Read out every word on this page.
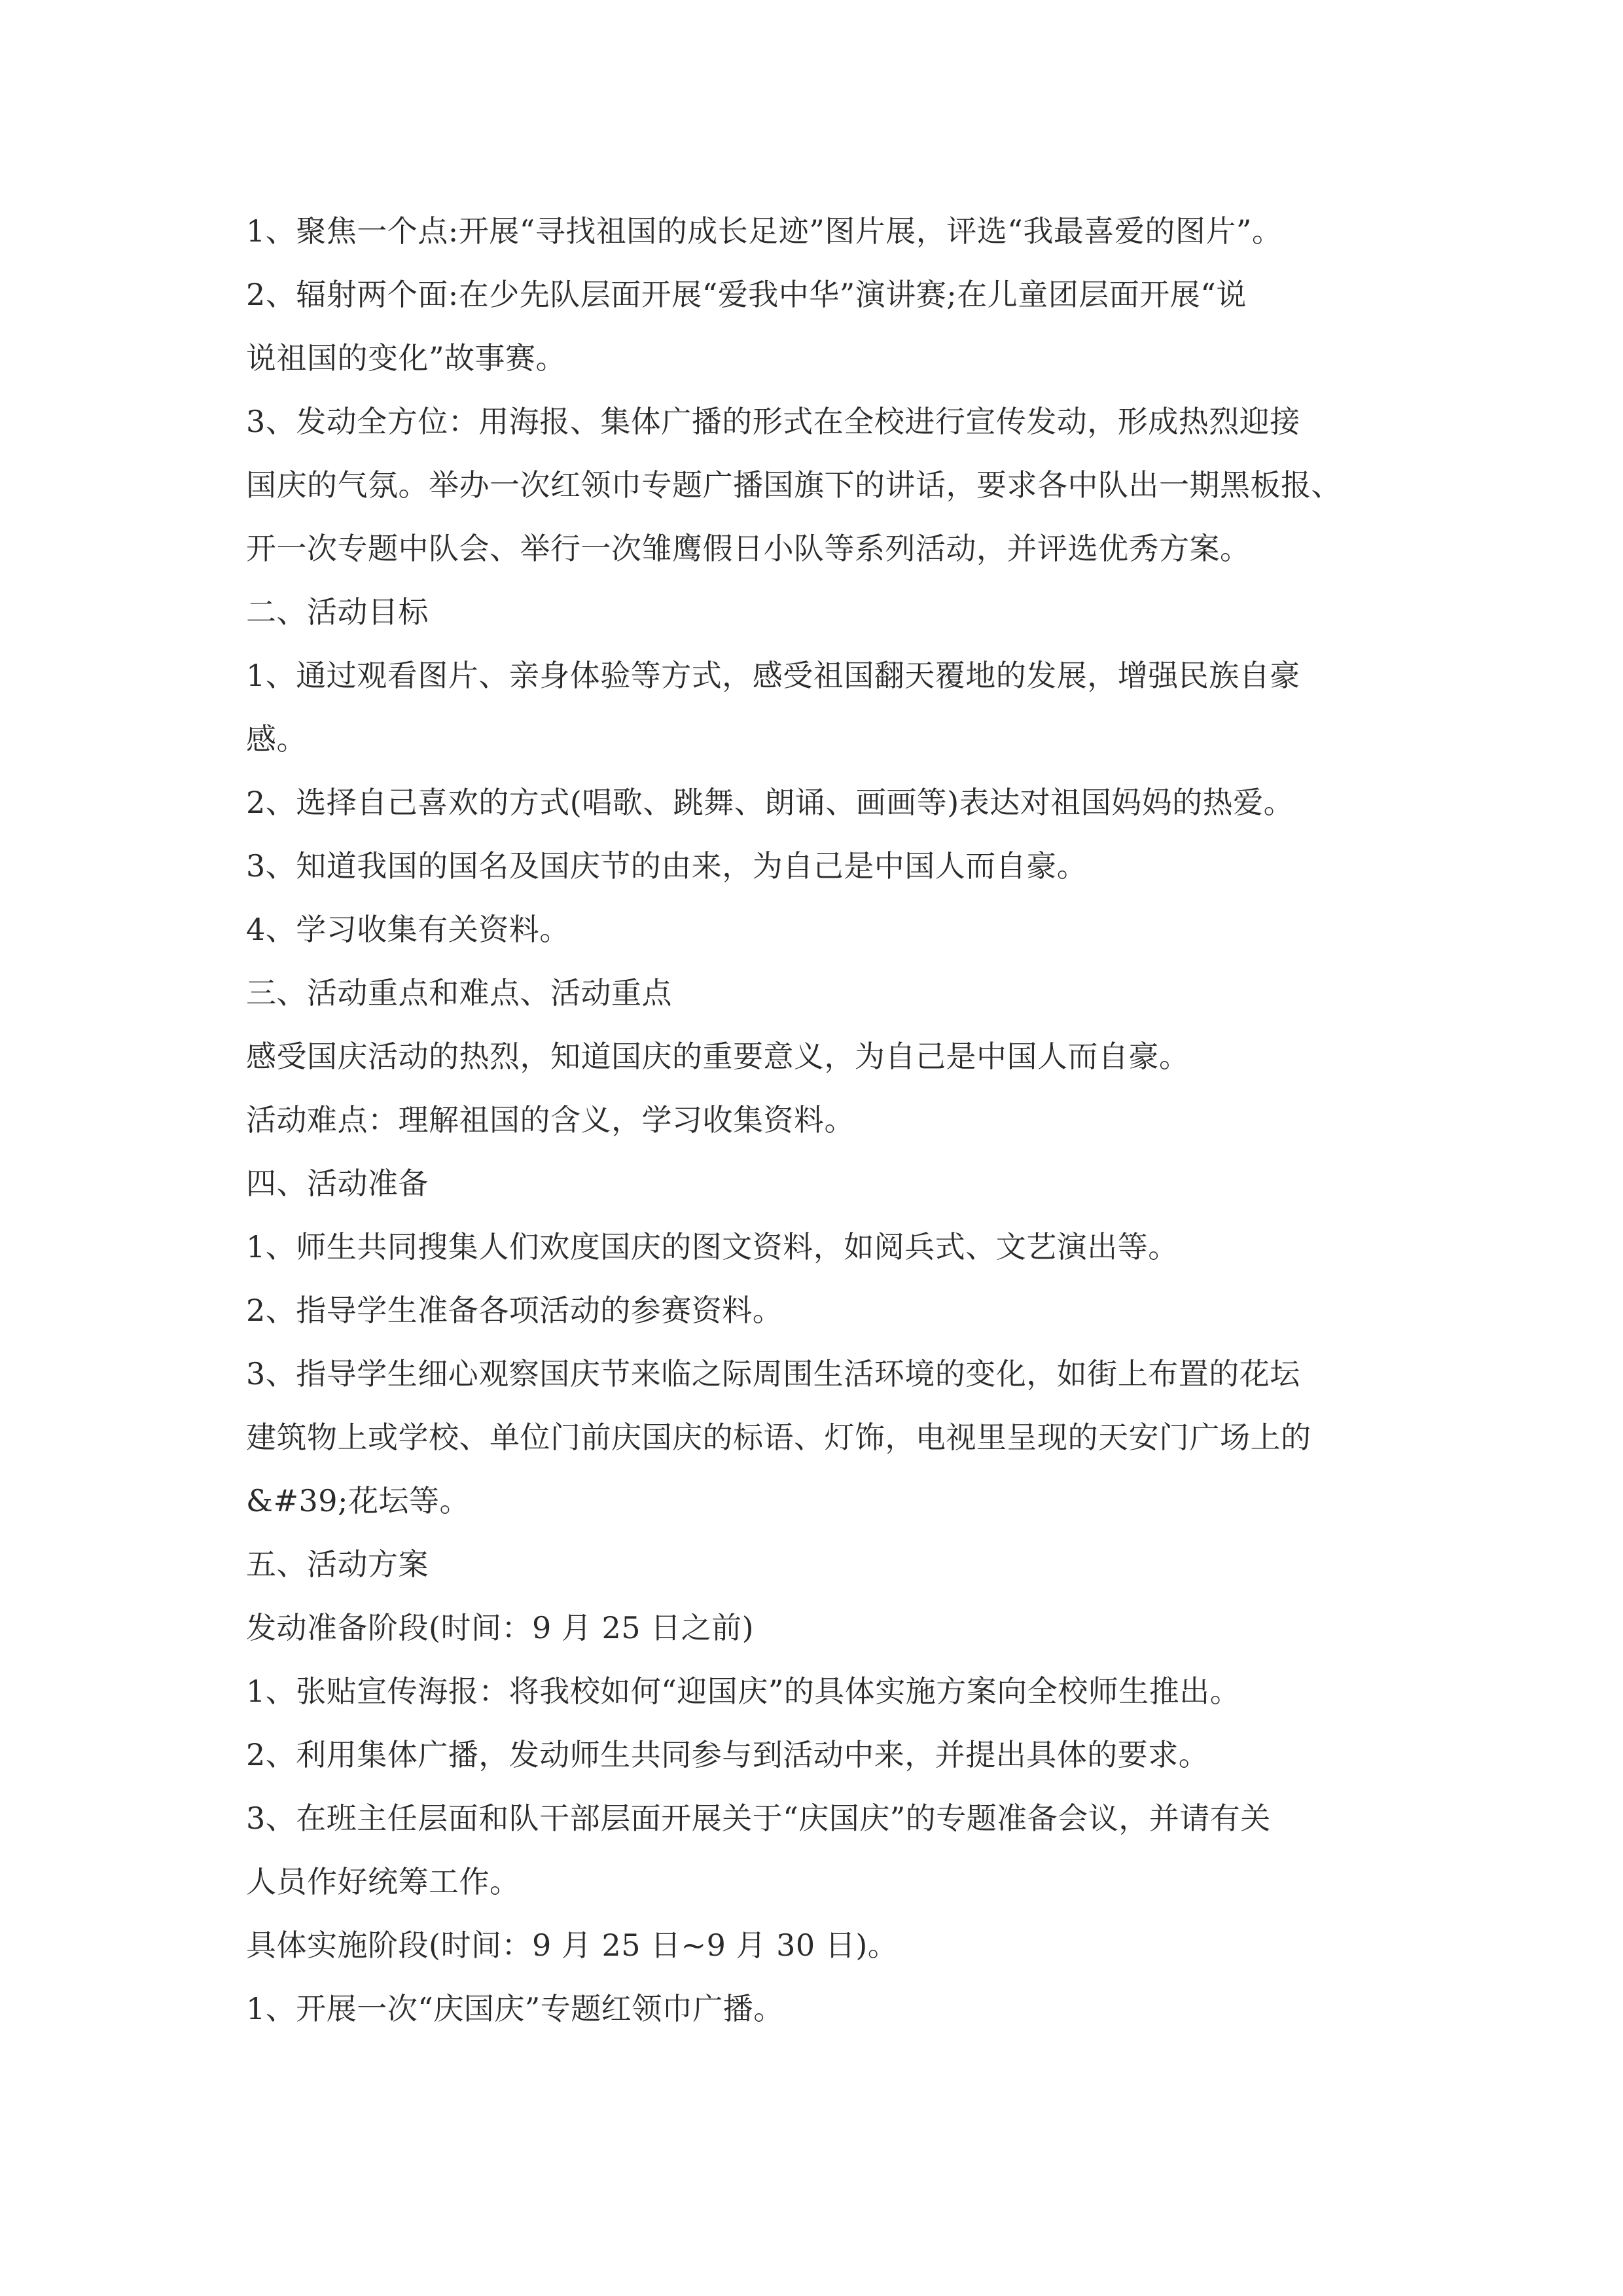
1、聚焦一个点:开展“寻找祖国的成长足迹”图片展，评选“我最喜爱的图片”。

2、辐射两个面:在少先队层面开展“爱我中华”演讲赛;在儿童团层面开展“说

说祖国的变化”故事赛。

3、发动全方位：用海报、集体广播的形式在全校进行宣传发动，形成热烈迎接

国庆的气氛。举办一次红领巾专题广播国旗下的讲话，要求各中队出一期黑板报、

开一次专题中队会、举行一次雏鹰假日小队等系列活动，并评选优秀方案。

二、活动目标

1、通过观看图片、亲身体验等方式，感受祖国翻天覆地的发展，增强民族自豪

感。

2、选择自己喜欢的方式(唱歌、跳舞、朗诵、画画等)表达对祖国妈妈的热爱。

3、知道我国的国名及国庆节的由来，为自己是中国人而自豪。

4、学习收集有关资料。

三、活动重点和难点、活动重点

感受国庆活动的热烈，知道国庆的重要意义，为自己是中国人而自豪。

活动难点：理解祖国的含义，学习收集资料。

四、活动准备

1、师生共同搜集人们欢度国庆的图文资料，如阅兵式、文艺演出等。

2、指导学生准备各项活动的参赛资料。

3、指导学生细心观察国庆节来临之际周围生活环境的变化，如街上布置的花坛

建筑物上或学校、单位门前庆国庆的标语、灯饰，电视里呈现的天安门广场上的

&#39;花坛等。

五、活动方案

发动准备阶段(时间：9 月 25 日之前)

1、张贴宣传海报：将我校如何“迎国庆”的具体实施方案向全校师生推出。

2、利用集体广播，发动师生共同参与到活动中来，并提出具体的要求。

3、在班主任层面和队干部层面开展关于“庆国庆”的专题准备会议，并请有关

人员作好统筹工作。

具体实施阶段(时间：9 月 25 日~9 月 30 日)。

1、开展一次“庆国庆”专题红领巾广播。
